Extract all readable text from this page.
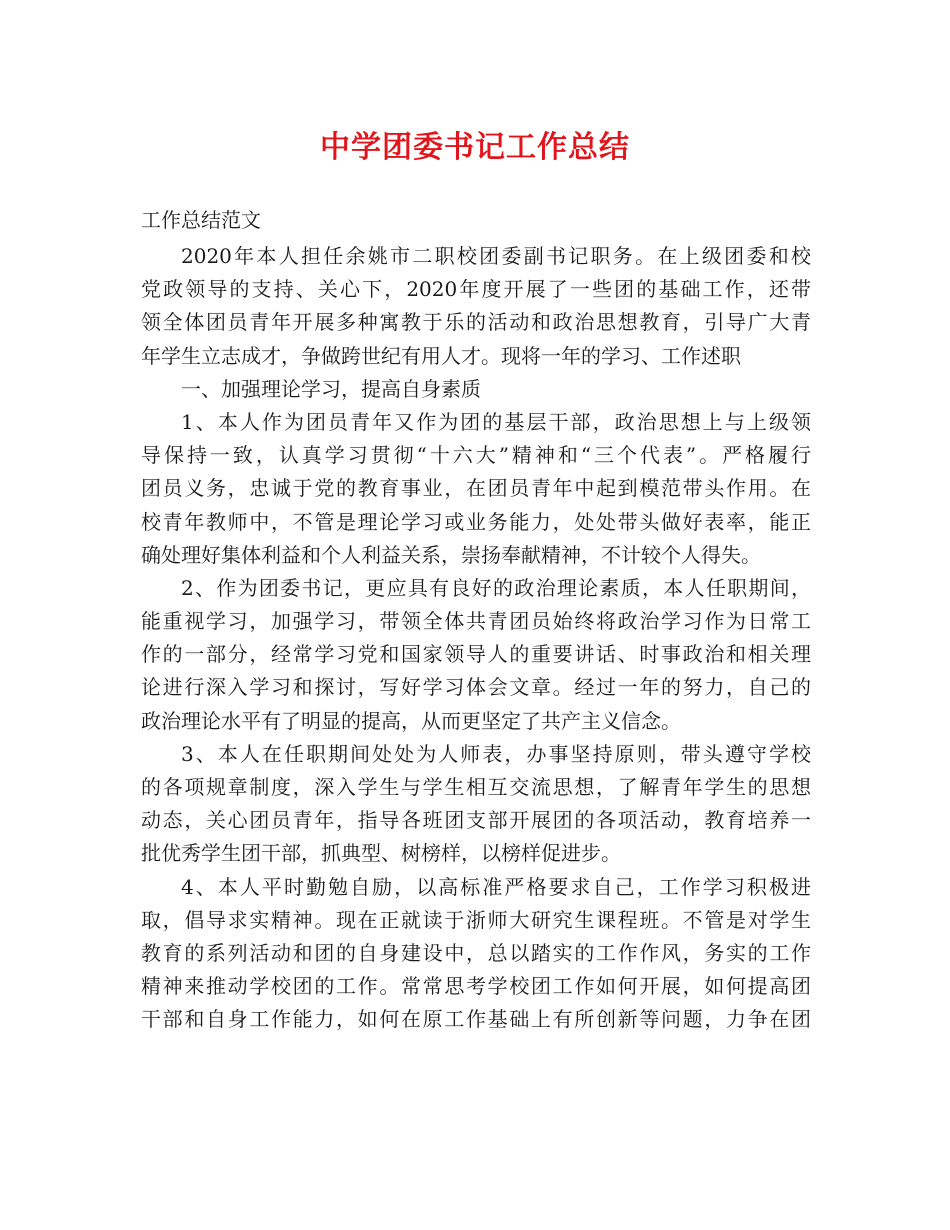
中学团委书记工作总结
工作总结范文
2020年本人担任余姚市二职校团委副书记职务。在上级团委和校
党政领导的支持、关心下，2020年度开展了一些团的基础工作，还带
领全体团员青年开展多种寓教于乐的活动和政治思想教育，引导广大青
年学生立志成才，争做跨世纪有用人才。现将一年的学习、工作述职
一、加强理论学习，提高自身素质
1、本人作为团员青年又作为团的基层干部，政治思想上与上级领
导保持一致，认真学习贯彻“十六大”精神和“三个代表”。严格履行
团员义务，忠诚于党的教育事业，在团员青年中起到模范带头作用。在
校青年教师中，不管是理论学习或业务能力，处处带头做好表率，能正
确处理好集体利益和个人利益关系，崇扬奉献精神，不计较个人得失。
2、作为团委书记，更应具有良好的政治理论素质，本人任职期间，
能重视学习，加强学习，带领全体共青团员始终将政治学习作为日常工
作的一部分，经常学习党和国家领导人的重要讲话、时事政治和相关理
论进行深入学习和探讨，写好学习体会文章。经过一年的努力，自己的
政治理论水平有了明显的提高，从而更坚定了共产主义信念。
3、本人在任职期间处处为人师表，办事坚持原则，带头遵守学校
的各项规章制度，深入学生与学生相互交流思想，了解青年学生的思想
动态，关心团员青年，指导各班团支部开展团的各项活动，教育培养一
批优秀学生团干部，抓典型、树榜样，以榜样促进步。
4、本人平时勤勉自励，以高标准严格要求自己，工作学习积极进
取，倡导求实精神。现在正就读于浙师大研究生课程班。不管是对学生
教育的系列活动和团的自身建设中，总以踏实的工作作风，务实的工作
精神来推动学校团的工作。常常思考学校团工作如何开展，如何提高团
干部和自身工作能力，如何在原工作基础上有所创新等问题，力争在团
